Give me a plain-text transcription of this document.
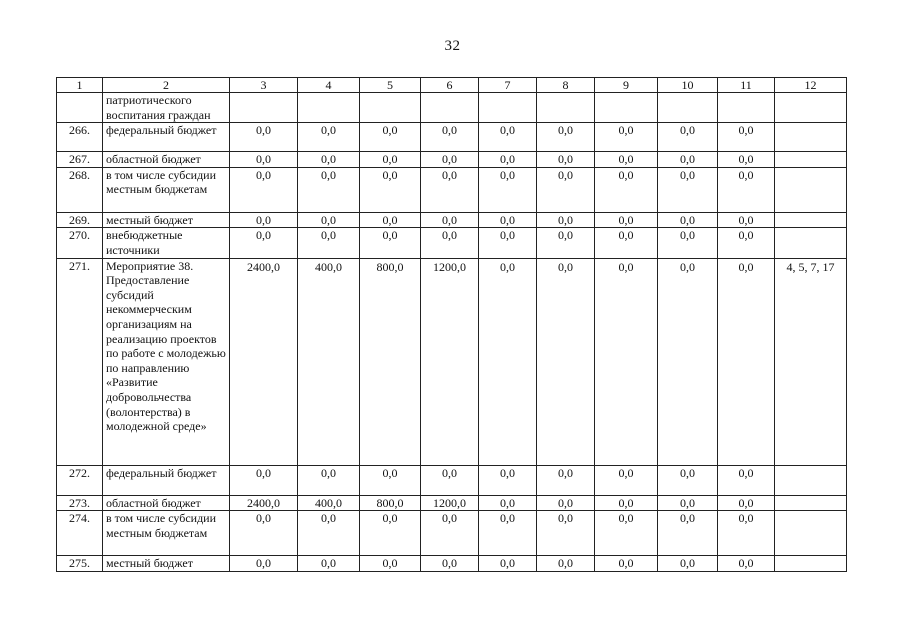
32
1	2	3	4	5	6	7	8	9	10	11	12
	патриотического воспитания граждан										
266.	федеральный бюджет	0,0	0,0	0,0	0,0	0,0	0,0	0,0	0,0	0,0	
267.	областной бюджет	0,0	0,0	0,0	0,0	0,0	0,0	0,0	0,0	0,0	
268.	в том числе субсидии местным бюджетам	0,0	0,0	0,0	0,0	0,0	0,0	0,0	0,0	0,0	
269.	местный бюджет	0,0	0,0	0,0	0,0	0,0	0,0	0,0	0,0	0,0	
270.	внебюджетные источники	0,0	0,0	0,0	0,0	0,0	0,0	0,0	0,0	0,0	
271.	Мероприятие 38. Предоставление субсидий некоммерческим организациям на реализацию проектов по работе с молодежью по направлению «Развитие добровольчества (волонтерства) в молодежной среде»	2400,0	400,0	800,0	1200,0	0,0	0,0	0,0	0,0	0,0	4, 5, 7, 17
272.	федеральный бюджет	0,0	0,0	0,0	0,0	0,0	0,0	0,0	0,0	0,0	
273.	областной бюджет	2400,0	400,0	800,0	1200,0	0,0	0,0	0,0	0,0	0,0	
274.	в том числе субсидии местным бюджетам	0,0	0,0	0,0	0,0	0,0	0,0	0,0	0,0	0,0	
275.	местный бюджет	0,0	0,0	0,0	0,0	0,0	0,0	0,0	0,0	0,0	
